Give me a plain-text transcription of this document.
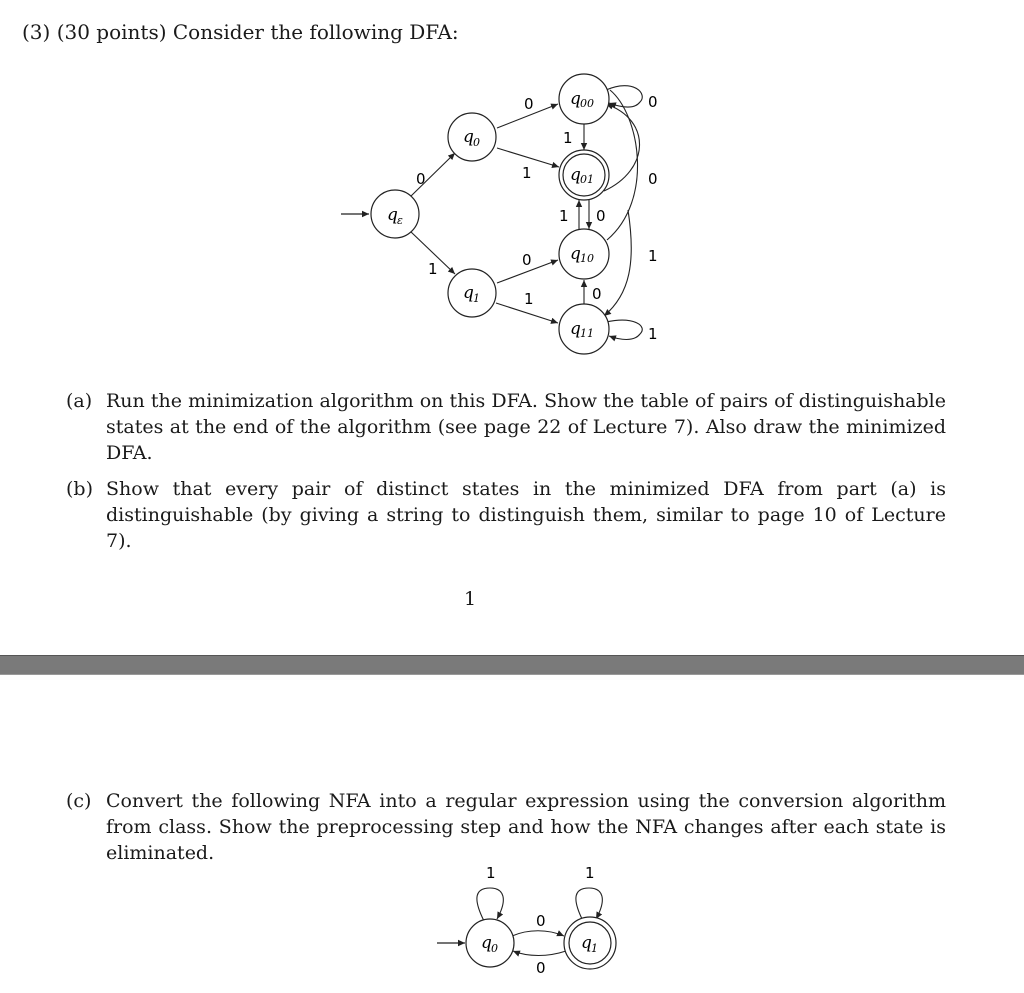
(3) (30 points) Consider the following DFA:
q ε
q 0
q 1
q 00
q 01
q 10
q 11
0
1
0
1
0
1
1
0
1
0
0
0
1
1
(a) Run the minimization algorithm on this DFA. Show the table of pairs of distinguishable states at the end of the algorithm (see page 22 of Lecture 7). Also draw the minimized DFA.
(b) Show that every pair of distinct states in the minimized DFA from part (a) is distinguishable (by giving a string to distinguish them, similar to page 10 of Lecture 7).
1
(c) Convert the following NFA into a regular expression using the conversion algorithm from class. Show the preprocessing step and how the NFA changes after each state is eliminated.
q 0	q 1
1	1
0
0
